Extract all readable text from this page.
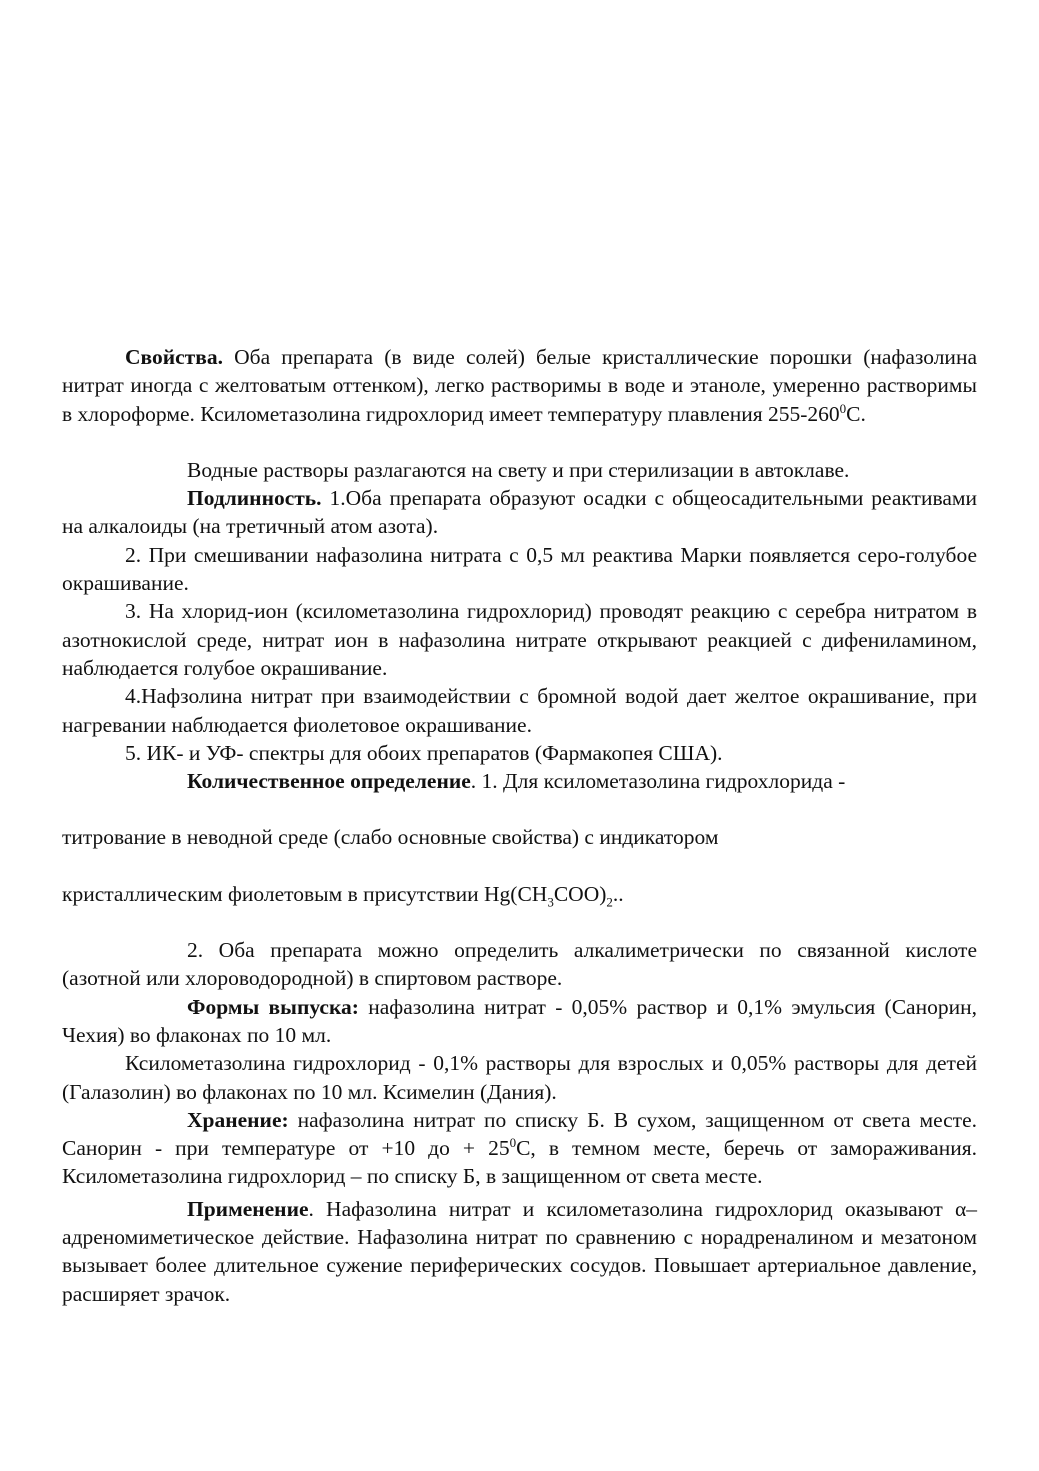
Свойства. Оба препарата (в виде солей) белые кристаллические порошки (нафазолина нитрат иногда с желтоватым оттенком), легко растворимы в воде и этаноле, умеренно растворимы в хлороформе. Ксилометазолина гидрохлорид имеет температуру плавления $255-260^0С$.

Водные растворы разлагаются на свету и при стерилизации в автоклаве.

Подлинность. 1.Оба препарата образуют осадки с общеосадительными реактивами на алкалоиды (на третичный атом азота).

2. При смешивании нафазолина нитрата с 0,5 мл реактива Марки появляется серо-голубое окрашивание.

3. На хлорид-ион (ксилометазолина гидрохлорид) проводят реакцию с серебра нитратом в азотнокислой среде, нитрат ион в нафазолина нитрате открывают реакцией с дифениламином, наблюдается голубое окрашивание.

4.Нафзолина нитрат при взаимодействии с бромной водой дает желтое окрашивание, при нагревании наблюдается фиолетовое окрашивание.

5. ИК- и УФ- спектры для обоих препаратов (Фармакопея США).

Количественное определение. 1. Для ксилометазолина гидрохлорида -

титрование в неводной среде (слабо основные свойства) с индикатором

кристаллическим фиолетовым в присутствии $Hg(CH_3COO)_2$..

2. Оба препарата можно определить алкалиметрически по связанной кислоте (азотной или хлороводородной) в спиртовом растворе.

Формы выпуска: нафазолина нитрат - 0,05% раствор и 0,1% эмульсия (Санорин, Чехия) во флаконах по 10 мл.

Ксилометазолина гидрохлорид - 0,1% растворы для взрослых и 0,05% растворы для детей (Галазолин) во флаконах по 10 мл. Ксимелин (Дания).

Хранение: нафазолина нитрат по списку Б. В сухом, защищенном от света месте. Санорин - при температуре от +10 до + $25^0С$, в темном месте, беречь от замораживания. Ксилометазолина гидрохлорид – по списку Б, в защищенном от света месте.

Применение. Нафазолина нитрат и ксилометазолина гидрохлорид оказывают α–адреномиметическое действие. Нафазолина нитрат по сравнению с норадреналином и мезатоном вызывает более длительное сужение периферических сосудов. Повышает артериальное давление, расширяет зрачок.
